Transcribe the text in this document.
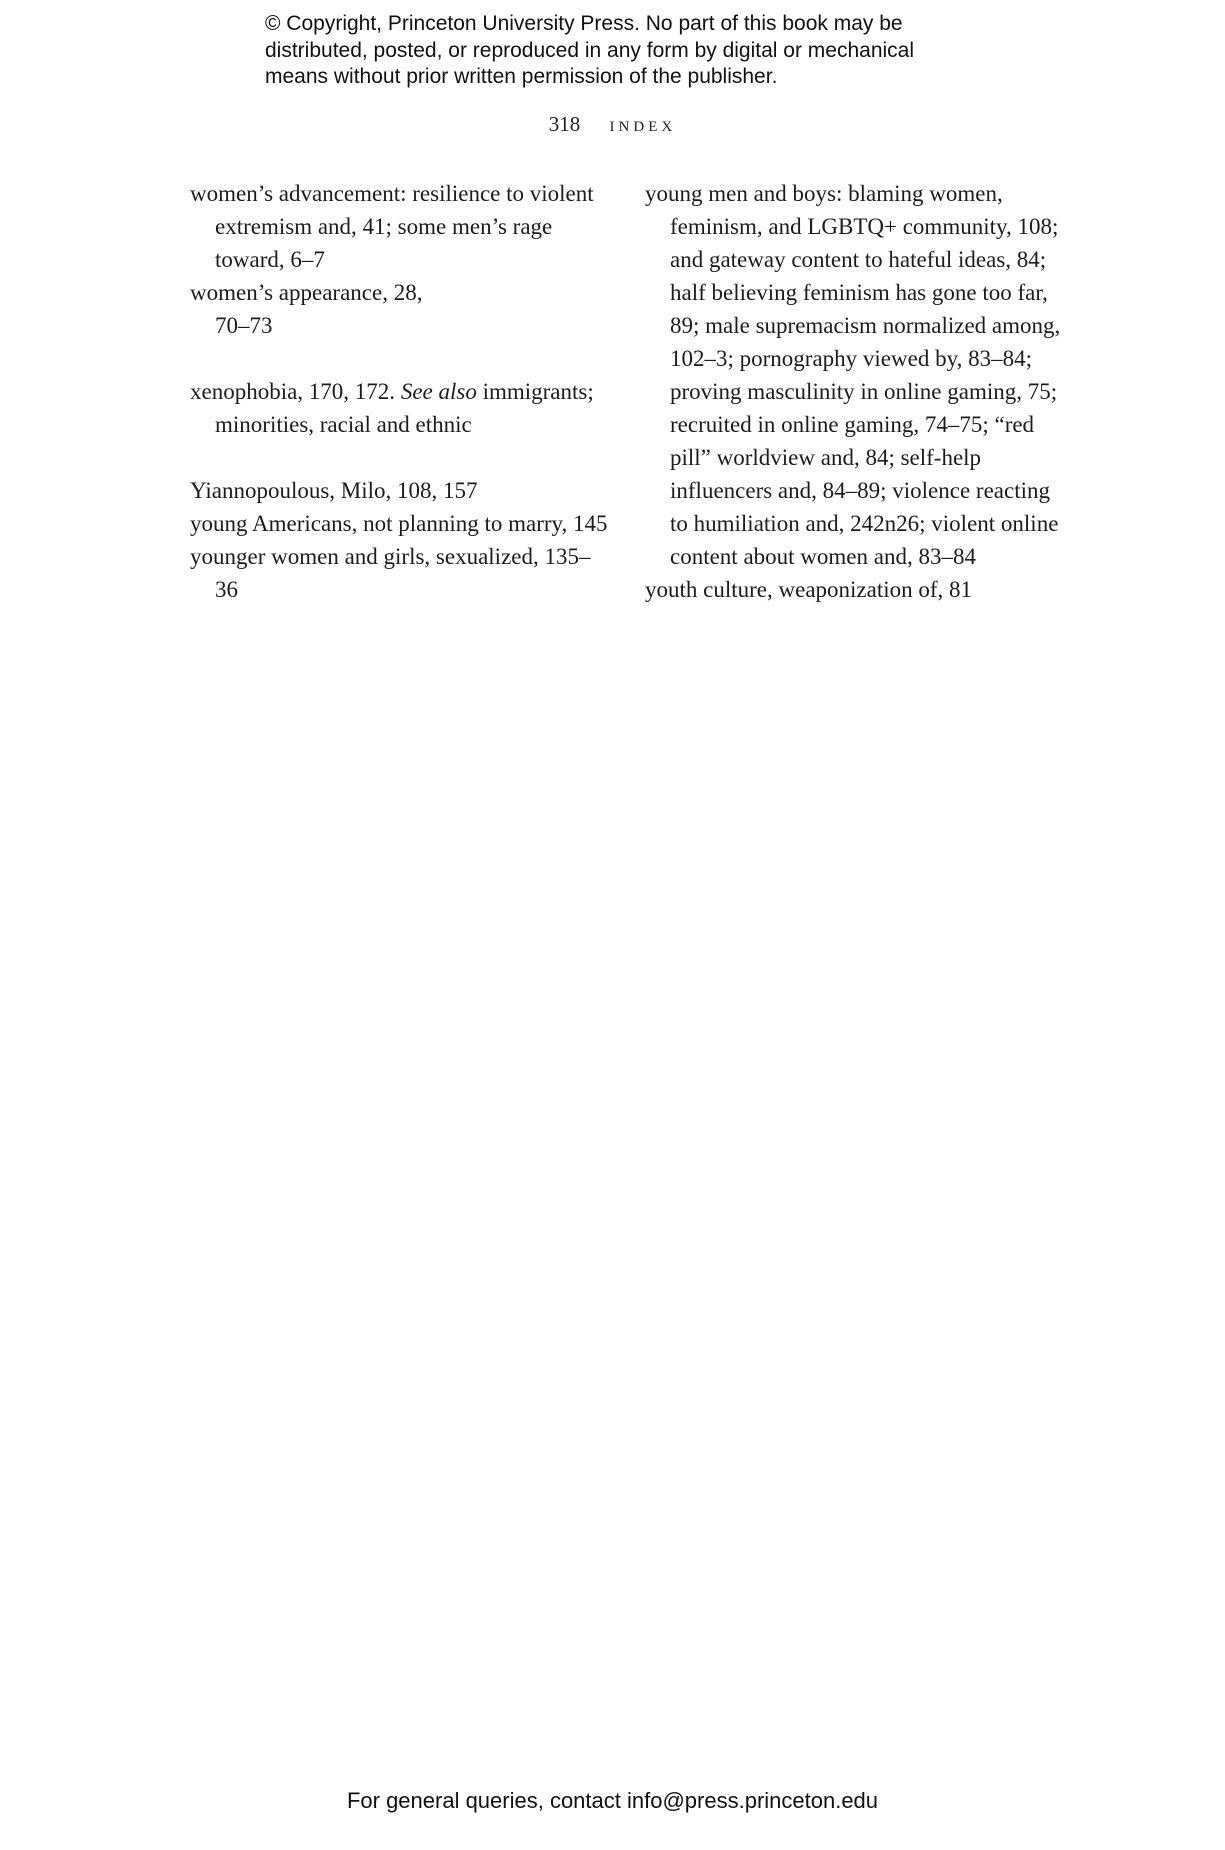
© Copyright, Princeton University Press. No part of this book may be
distributed, posted, or reproduced in any form by digital or mechanical
means without prior written permission of the publisher.
318 index

women’s advancement: resilience to violent extremism and, 41; some men’s rage toward, 6–7

women’s appearance, 28,
70–73

xenophobia, 170, 172. See also immigrants; minorities, racial and ethnic

Yiannopoulous, Milo, 108, 157

young Americans, not planning to marry, 145

younger women and girls, sexualized, 135–36

young men and boys: blaming women, feminism, and LGBTQ+ community, 108; and gateway content to hateful ideas, 84; half believing feminism has gone too far, 89; male supremacism normalized among, 102–3; pornography viewed by, 83–84; proving masculinity in online gaming, 75; recruited in online gaming, 74–75; “red pill” worldview and, 84; self-help influencers and, 84–89; violence reacting to humiliation and, 242n26; violent online content about women and, 83–84

youth culture, weaponization of, 81

For general queries, contact info@press.princeton.edu
